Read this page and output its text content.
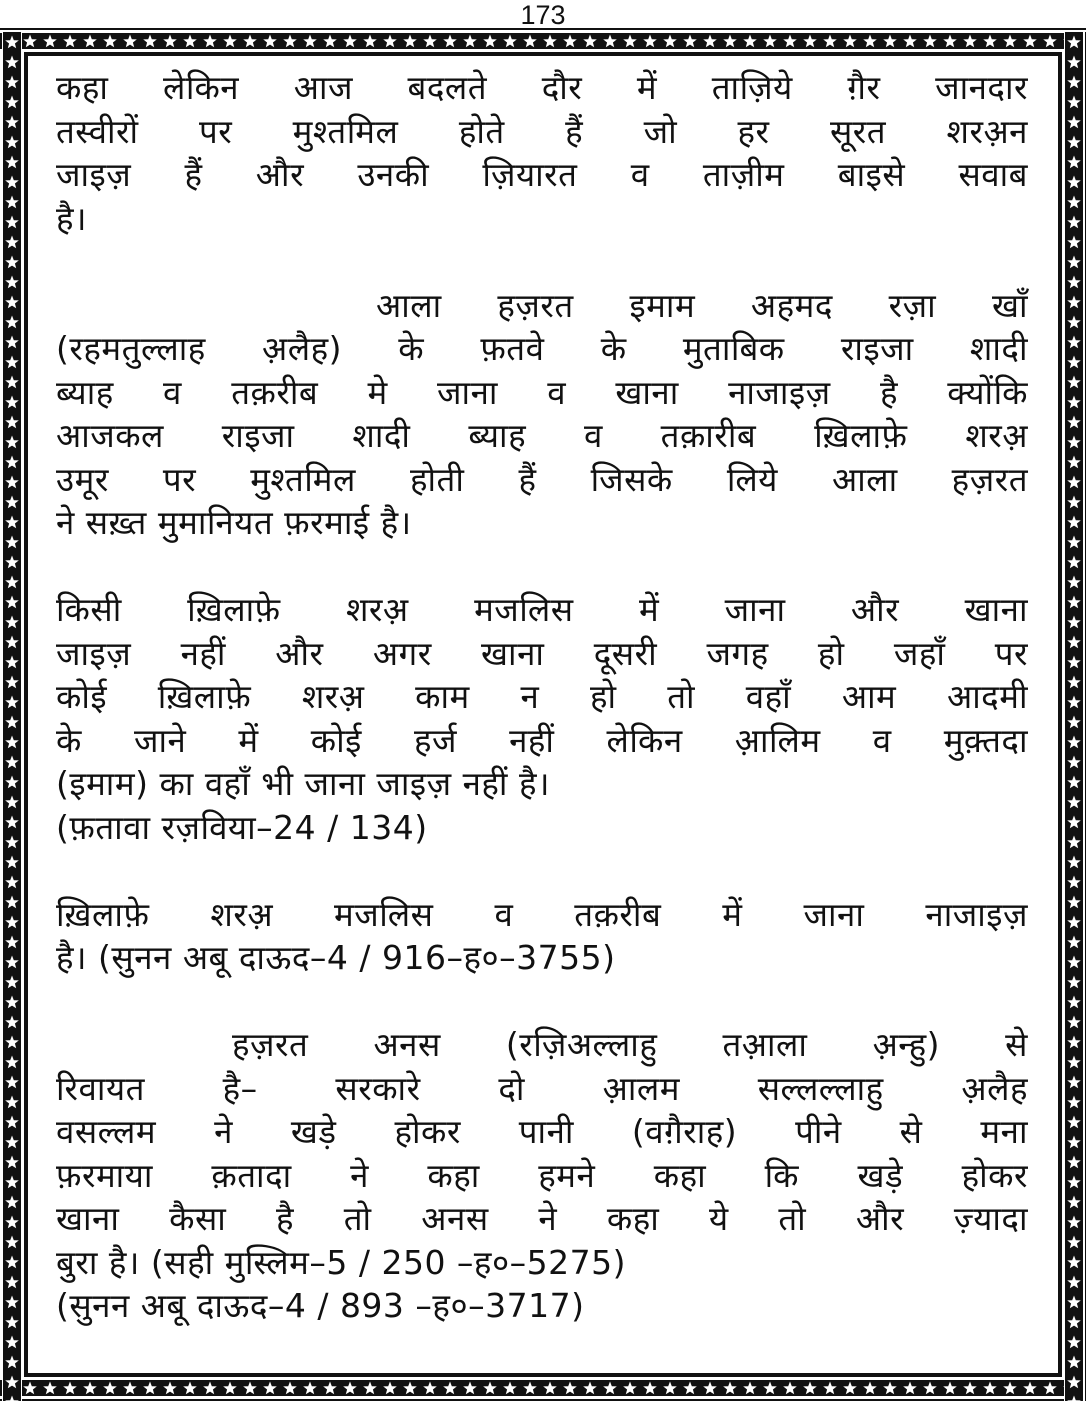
173
कहा लेकिन आज बदलते दौर में ताज़िये ग़ैर जानदार
तस्वीरों पर मुश्तमिल होते हैं जो हर सूरत शरअ़न
जाइज़ हैं और उनकी ज़ियारत व ताज़ीम बाइसे सवाब
है।
आला हज़रत इमाम अहमद रज़ा खाँ
(रहमतुल्लाह अ़लैह) के फ़तवे के मुताबिक राइजा शादी
ब्याह व तक़रीब मे जाना व खाना नाजाइज़ है क्योंकि
आजकल राइजा शादी ब्याह व तक़ारीब ख़िलाफ़े शरअ़
उमूर पर मुश्तमिल होती हैं जिसके लिये आला हज़रत
ने सख़्त मुमानियत फ़रमाई है।
किसी ख़िलाफ़े शरअ़ मजलिस में जाना और खाना
जाइज़ नहीं और अगर खाना दूसरी जगह हो जहाँ पर
कोई ख़िलाफ़े शरअ़ काम न हो तो वहाँ आम आदमी
के जाने में कोई हर्ज नहीं लेकिन आ़लिम व मुक़्तदा
(इमाम) का वहाँ भी जाना जाइज़ नहीं है।
(फ़तावा रज़विया–24 / 134)
ख़िलाफ़े शरअ़ मजलिस व तक़रीब में जाना नाजाइज़
है। (सुनन अबू दाऊद–4 / 916–ह०–3755)
हज़रत अनस (रज़िअल्लाहु तआ़ला अ़न्हु) से
रिवायत है– सरकारे दो आ़लम सल्लल्लाहु अ़लैह
वसल्लम ने खड़े होकर पानी (वग़ैराह) पीने से मना
फ़रमाया क़तादा ने कहा हमने कहा कि खड़े होकर
खाना कैसा है तो अनस ने कहा ये तो और ज़्यादा
बुरा है। (सही मुस्लिम–5 / 250 –ह०–5275)
(सुनन अबू दाऊद–4 / 893 –ह०–3717)
